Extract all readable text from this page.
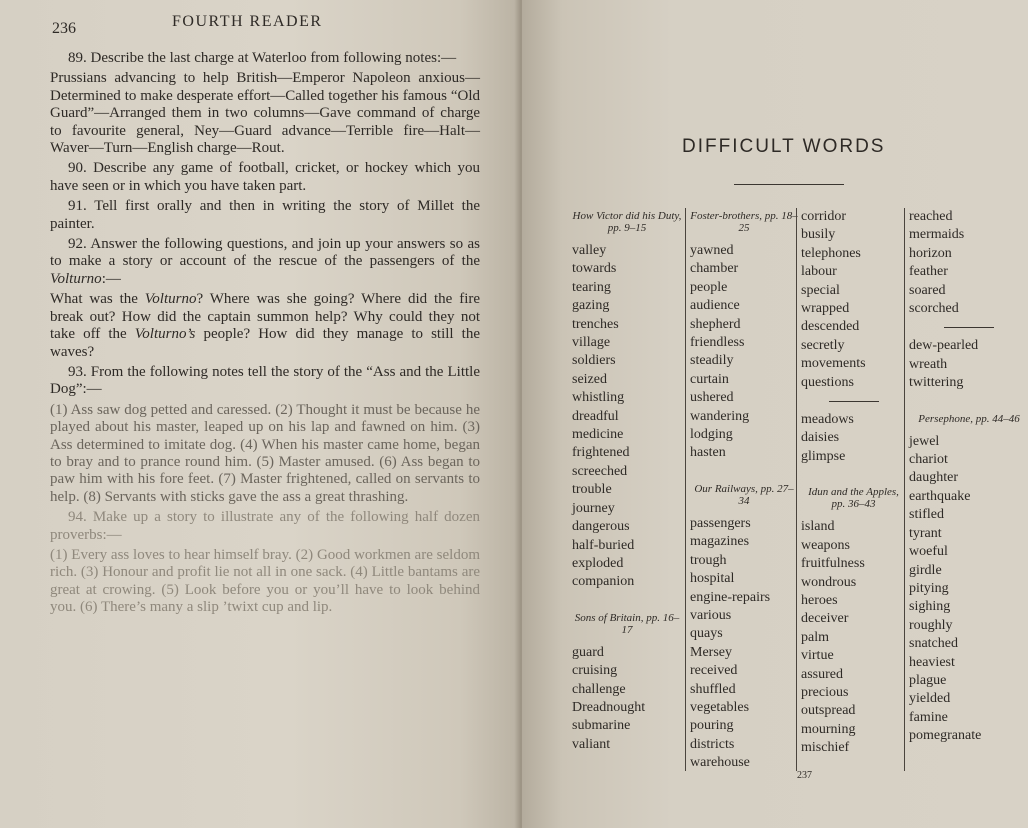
236	FOURTH READER

89. Describe the last charge at Waterloo from following notes:—

Prussians advancing to help British—Emperor Napoleon anxious—Determined to make desperate effort—Called together his famous “Old Guard”—Arranged them in two columns—Gave command of charge to favourite general, Ney—Guard advance—Terrible fire—Halt—Waver—Turn—English charge—Rout.

90. Describe any game of football, cricket, or hockey which you have seen or in which you have taken part.

91. Tell first orally and then in writing the story of Millet the painter.

92. Answer the following questions, and join up your answers so as to make a story or account of the rescue of the passengers of the Volturno:—

What was the Volturno? Where was she going? Where did the fire break out? How did the captain summon help? Why could they not take off the Volturno’s people? How did they manage to still the waves?

93. From the following notes tell the story of the “Ass and the Little Dog”:—

(1) Ass saw dog petted and caressed. (2) Thought it must be because he played about his master, leaped up on his lap and fawned on him. (3) Ass determined to imitate dog. (4) When his master came home, began to bray and to prance round him. (5) Master amused. (6) Ass began to paw him with his fore feet. (7) Master frightened, called on servants to help. (8) Servants with sticks gave the ass a great thrashing.

94. Make up a story to illustrate any of the following half dozen proverbs:—

(1) Every ass loves to hear himself bray. (2) Good workmen are seldom rich. (3) Honour and profit lie not all in one sack. (4) Little bantams are great at crowing. (5) Look before you or you’ll have to look behind you. (6) There’s many a slip ’twixt cup and lip.

DIFFICULT WORDS
How Victor did his Duty, pp. 9–15
valley
towards
tearing
gazing
trenches
village
soldiers
seized
whistling
dreadful
medicine
frightened
screeched
trouble
journey
dangerous
half-buried
exploded
companion
Sons of Britain, pp. 16–17
guard
cruising
challenge
Dreadnought
submarine
valiant
Foster-brothers, pp. 18–25
yawned
chamber
people
audience
shepherd
friendless
steadily
curtain
ushered
wandering
lodging
hasten
Our Railways, pp. 27–34
passengers
magazines
trough
hospital
engine-repairs
various
quays
Mersey
received
shuffled
vegetables
pouring
districts
warehouse
corridor
busily
telephones
labour
special
wrapped
descended
secretly
movements
questions
meadows
daisies
glimpse
Idun and the Apples, pp. 36–43
island
weapons
fruitfulness
wondrous
heroes
deceiver
palm
virtue
assured
precious
outspread
mourning
mischief
reached
mermaids
horizon
feather
soared
scorched
dew-pearled
wreath
twittering
Persephone, pp. 44–46
jewel
chariot
daughter
earthquake
stifled
tyrant
woeful
girdle
pitying
sighing
roughly
snatched
heaviest
plague
yielded
famine
pomegranate
237
